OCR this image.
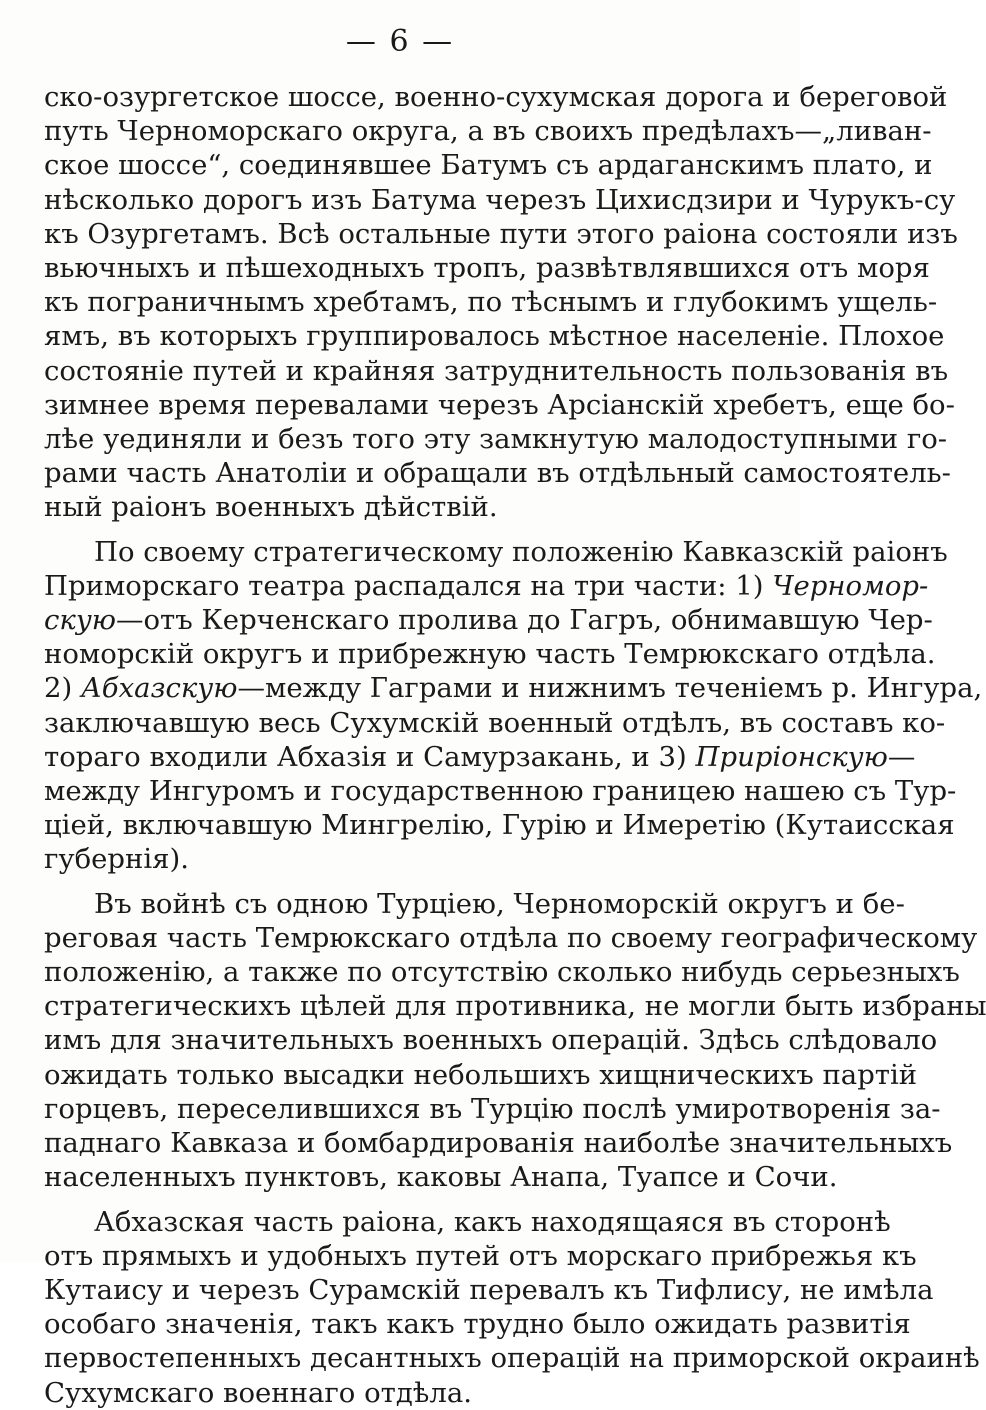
— 6 —
ско-озургетское шоссе, военно-сухумская дорога и береговой
путь Черноморскаго округа, а въ своихъ предѣлахъ—„ливан-
ское шоссе“, соединявшее Батумъ съ ардаганскимъ плато, и
нѣсколько дорогъ изъ Батума черезъ Цихисдзири и Чурукъ-су
къ Озургетамъ. Всѣ остальные пути этого раіона состояли изъ
вьючныхъ и пѣшеходныхъ тропъ, развѣтвлявшихся отъ моря
къ пограничнымъ хребтамъ, по тѣснымъ и глубокимъ ущель-
ямъ, въ которыхъ группировалось мѣстное населеніе. Плохое
состояніе путей и крайняя затруднительность пользованія въ
зимнее время перевалами черезъ Арсіанскій хребетъ, еще бо-
лѣе уединяли и безъ того эту замкнутую малодоступными го-
рами часть Анатоліи и обращали въ отдѣльный самостоятель-
ный раіонъ военныхъ дѣйствій.
По своему стратегическому положенію Кавказскій раіонъ
Приморскаго театра распадался на три части: 1) Черномор-
скую—отъ Керченскаго пролива до Гагръ, обнимавшую Чер-
номорскій округъ и прибрежную часть Темрюкскаго отдѣла.
2) Абхазскую—между Гаграми и нижнимъ теченіемъ р. Ингура,
заключавшую весь Сухумскій военный отдѣлъ, въ составъ ко-
тораго входили Абхазія и Самурзакань, и 3) Приріонскую—
между Ингуромъ и государственною границею нашею съ Тур-
ціей, включавшую Мингрелію, Гурію и Имеретію (Кутаисская
губернія).
Въ войнѣ съ одною Турціею, Черноморскій округъ и бе-
реговая часть Темрюкскаго отдѣла по своему географическому
положенію, а также по отсутствію сколько нибудь серьезныхъ
стратегическихъ цѣлей для противника, не могли быть избраны
имъ для значительныхъ военныхъ операцій. Здѣсь слѣдовало
ожидать только высадки небольшихъ хищническихъ партій
горцевъ, переселившихся въ Турцію послѣ умиротворенія за-
паднаго Кавказа и бомбардированія наиболѣе значительныхъ
населенныхъ пунктовъ, каковы Анапа, Туапсе и Сочи.
Абхазская часть раіона, какъ находящаяся въ сторонѣ
отъ прямыхъ и удобныхъ путей отъ морскаго прибрежья къ
Кутаису и черезъ Сурамскій перевалъ къ Тифлису, не имѣла
особаго значенія, такъ какъ трудно было ожидать развитія
первостепенныхъ десантныхъ операцій на приморской окраинѣ
Сухумскаго военнаго отдѣла.
